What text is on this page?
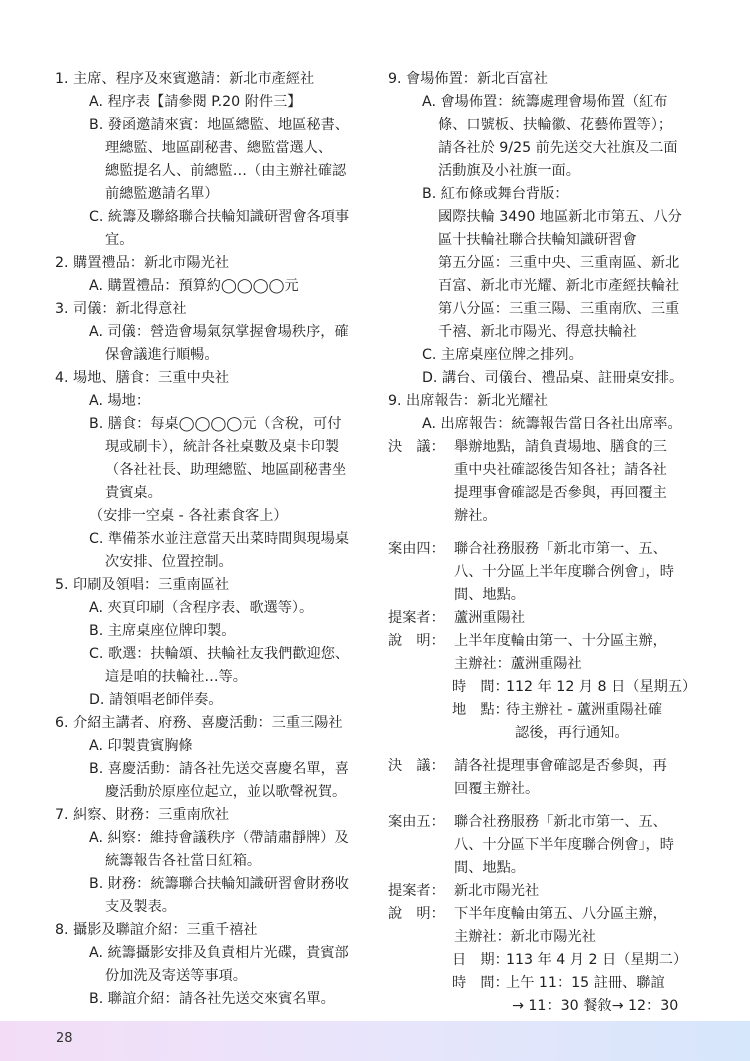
1. 主席、程序及來賓邀請：新北市產經社
A. 程序表【請參閱 P.20 附件三】
B. 發函邀請來賓：地區總監、地區秘書、
理總監、地區副秘書、總監當選人、
總監提名人、前總監…（由主辦社確認
前總監邀請名單）
C. 統籌及聯絡聯合扶輪知識研習會各項事
宜。
2. 購置禮品：新北市陽光社
A. 購置禮品：預算約◯◯◯◯元
3. 司儀：新北得意社
A. 司儀：營造會場氣氛掌握會場秩序，確
保會議進行順暢。
4. 場地、膳食：三重中央社
A. 場地：
B. 膳食：每桌◯◯◯◯元（含稅，可付
現或刷卡），統計各社桌數及桌卡印製
（各社社長、助理總監、地區副秘書坐
貴賓桌。
（安排一空桌 - 各社素食客上）
C. 準備茶水並注意當天出菜時間與現場桌
次安排、位置控制。
5. 印刷及領唱：三重南區社
A. 夾頁印刷（含程序表、歌選等）。
B. 主席桌座位牌印製。
C. 歌選：扶輪頌、扶輪社友我們歡迎您、
這是咱的扶輪社…等。
D. 請領唱老師伴奏。
6. 介紹主講者、府務、喜慶活動：三重三陽社
A. 印製貴賓胸條
B. 喜慶活動：請各社先送交喜慶名單，喜
慶活動於原座位起立，並以歌聲祝賀。
7. 糾察、財務：三重南欣社
A. 糾察：維持會議秩序（帶請肅靜牌）及
統籌報告各社當日紅箱。
B. 財務：統籌聯合扶輪知識研習會財務收
支及製表。
8. 攝影及聯誼介紹：三重千禧社
A. 統籌攝影安排及負責相片光碟，貴賓部
份加洗及寄送等事項。
B. 聯誼介紹：請各社先送交來賓名單。
9. 會場佈置：新北百富社
A. 會場佈置：統籌處理會場佈置（紅布
條、口號板、扶輪徽、花藝佈置等）；
請各社於 9/25 前先送交大社旗及二面
活動旗及小社旗一面。
B. 紅布條或舞台背版：
國際扶輪 3490 地區新北市第五、八分
區十扶輪社聯合扶輪知識研習會
第五分區：三重中央、三重南區、新北
百富、新北市光耀、新北市產經扶輪社
第八分區：三重三陽、三重南欣、三重
千禧、新北市陽光、得意扶輪社
C. 主席桌座位牌之排列。
D. 講台、司儀台、禮品桌、註冊桌安排。
9. 出席報告：新北光耀社
A. 出席報告：統籌報告當日各社出席率。
決　議： 舉辦地點，請負責場地、膳食的三
重中央社確認後告知各社；請各社
提理事會確認是否參與，再回覆主
辦社。
案由四： 聯合社務服務「新北市第一、五、
八、十分區上半年度聯合例會」，時
間、地點。
提案者： 蘆洲重陽社
說　明： 上半年度輪由第一、十分區主辦，
主辦社：蘆洲重陽社
時　間：
112 年 12 月 8 日（星期五）
地　點：
待主辦社 - 蘆洲重陽社確
認後，再行通知。
決　議： 請各社提理事會確認是否參與，再
回覆主辦社。
案由五： 聯合社務服務「新北市第一、五、
八、十分區下半年度聯合例會」，時
間、地點。
提案者： 新北市陽光社
說　明： 下半年度輪由第五、八分區主辦，
主辦社：新北市陽光社
日　期：
113 年 4 月 2 日（星期二）
時　間：
上午 11：15 註冊、聯誼
→ 11：30 餐敘→ 12：30
28
